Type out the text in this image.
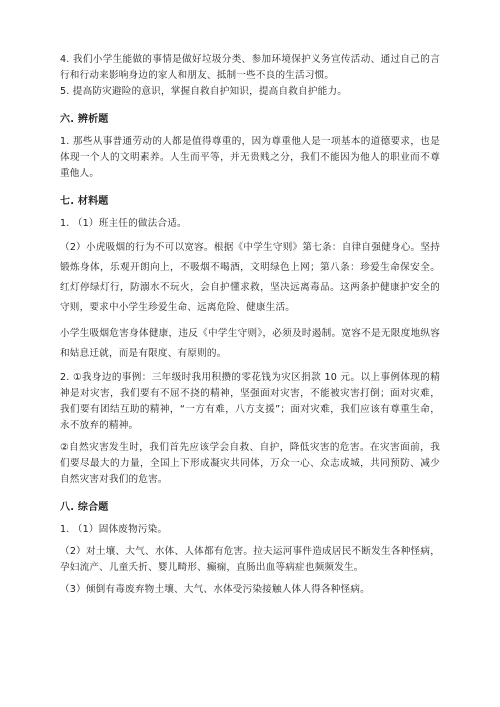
4. 我们小学生能做的事情是做好垃圾分类、参加环境保护义务宣传活动、通过自己的言行和行动来影响身边的家人和朋友、抵制一些不良的生活习惯。

5. 提高防灾避险的意识，掌握自救自护知识，提高自救自护能力。

六. 辨析题

1. 那些从事普通劳动的人都是值得尊重的，因为尊重他人是一项基本的道德要求，也是体现一个人的文明素养。人生而平等，并无贵贱之分，我们不能因为他人的职业而不尊重他人。

七. 材料题

1. （1）班主任的做法合适。

（2）小虎吸烟的行为不可以宽容。根据《中学生守则》第七条：自律自强健身心。坚持锻炼身体，乐观开朗向上，不吸烟不喝酒，文明绿色上网；第八条：珍爱生命保安全。红灯停绿灯行，防溺水不玩火，会自护懂求救，坚决远离毒品。这两条护健康护安全的守则，要求中小学生珍爱生命、远离危险、健康生活。

小学生吸烟危害身体健康，违反《中学生守则》，必须及时遏制。宽容不是无限度地纵容和姑息迁就，而是有限度、有原则的。

2. ①我身边的事例：三年级时我用积攒的零花钱为灾区捐款 10 元。以上事例体现的精神是对灾害，我们要有不屈不挠的精神，坚强面对灾害，不能被灾害打倒；面对灾难，我们要有团结互助的精神，“一方有难，八方支援”；面对灾难，我们应该有尊重生命，永不放弃的精神。

②自然灾害发生时，我们首先应该学会自救、自护，降低灾害的危害。在灾害面前，我们要尽最大的力量，全国上下形成凝灾共同体，万众一心、众志成城，共同预防、减少自然灾害对我们的危害。

八. 综合题

1. （1）固体废物污染。

（2）对土壤、大气、水体、人体都有危害。拉夫运河事件造成居民不断发生各种怪病，孕妇流产、儿童夭折、婴儿畸形、癫痫，直肠出血等病症也频频发生。

（3）倾倒有毒废弃物土壤、大气、水体受污染接触人体人得各种怪病。
